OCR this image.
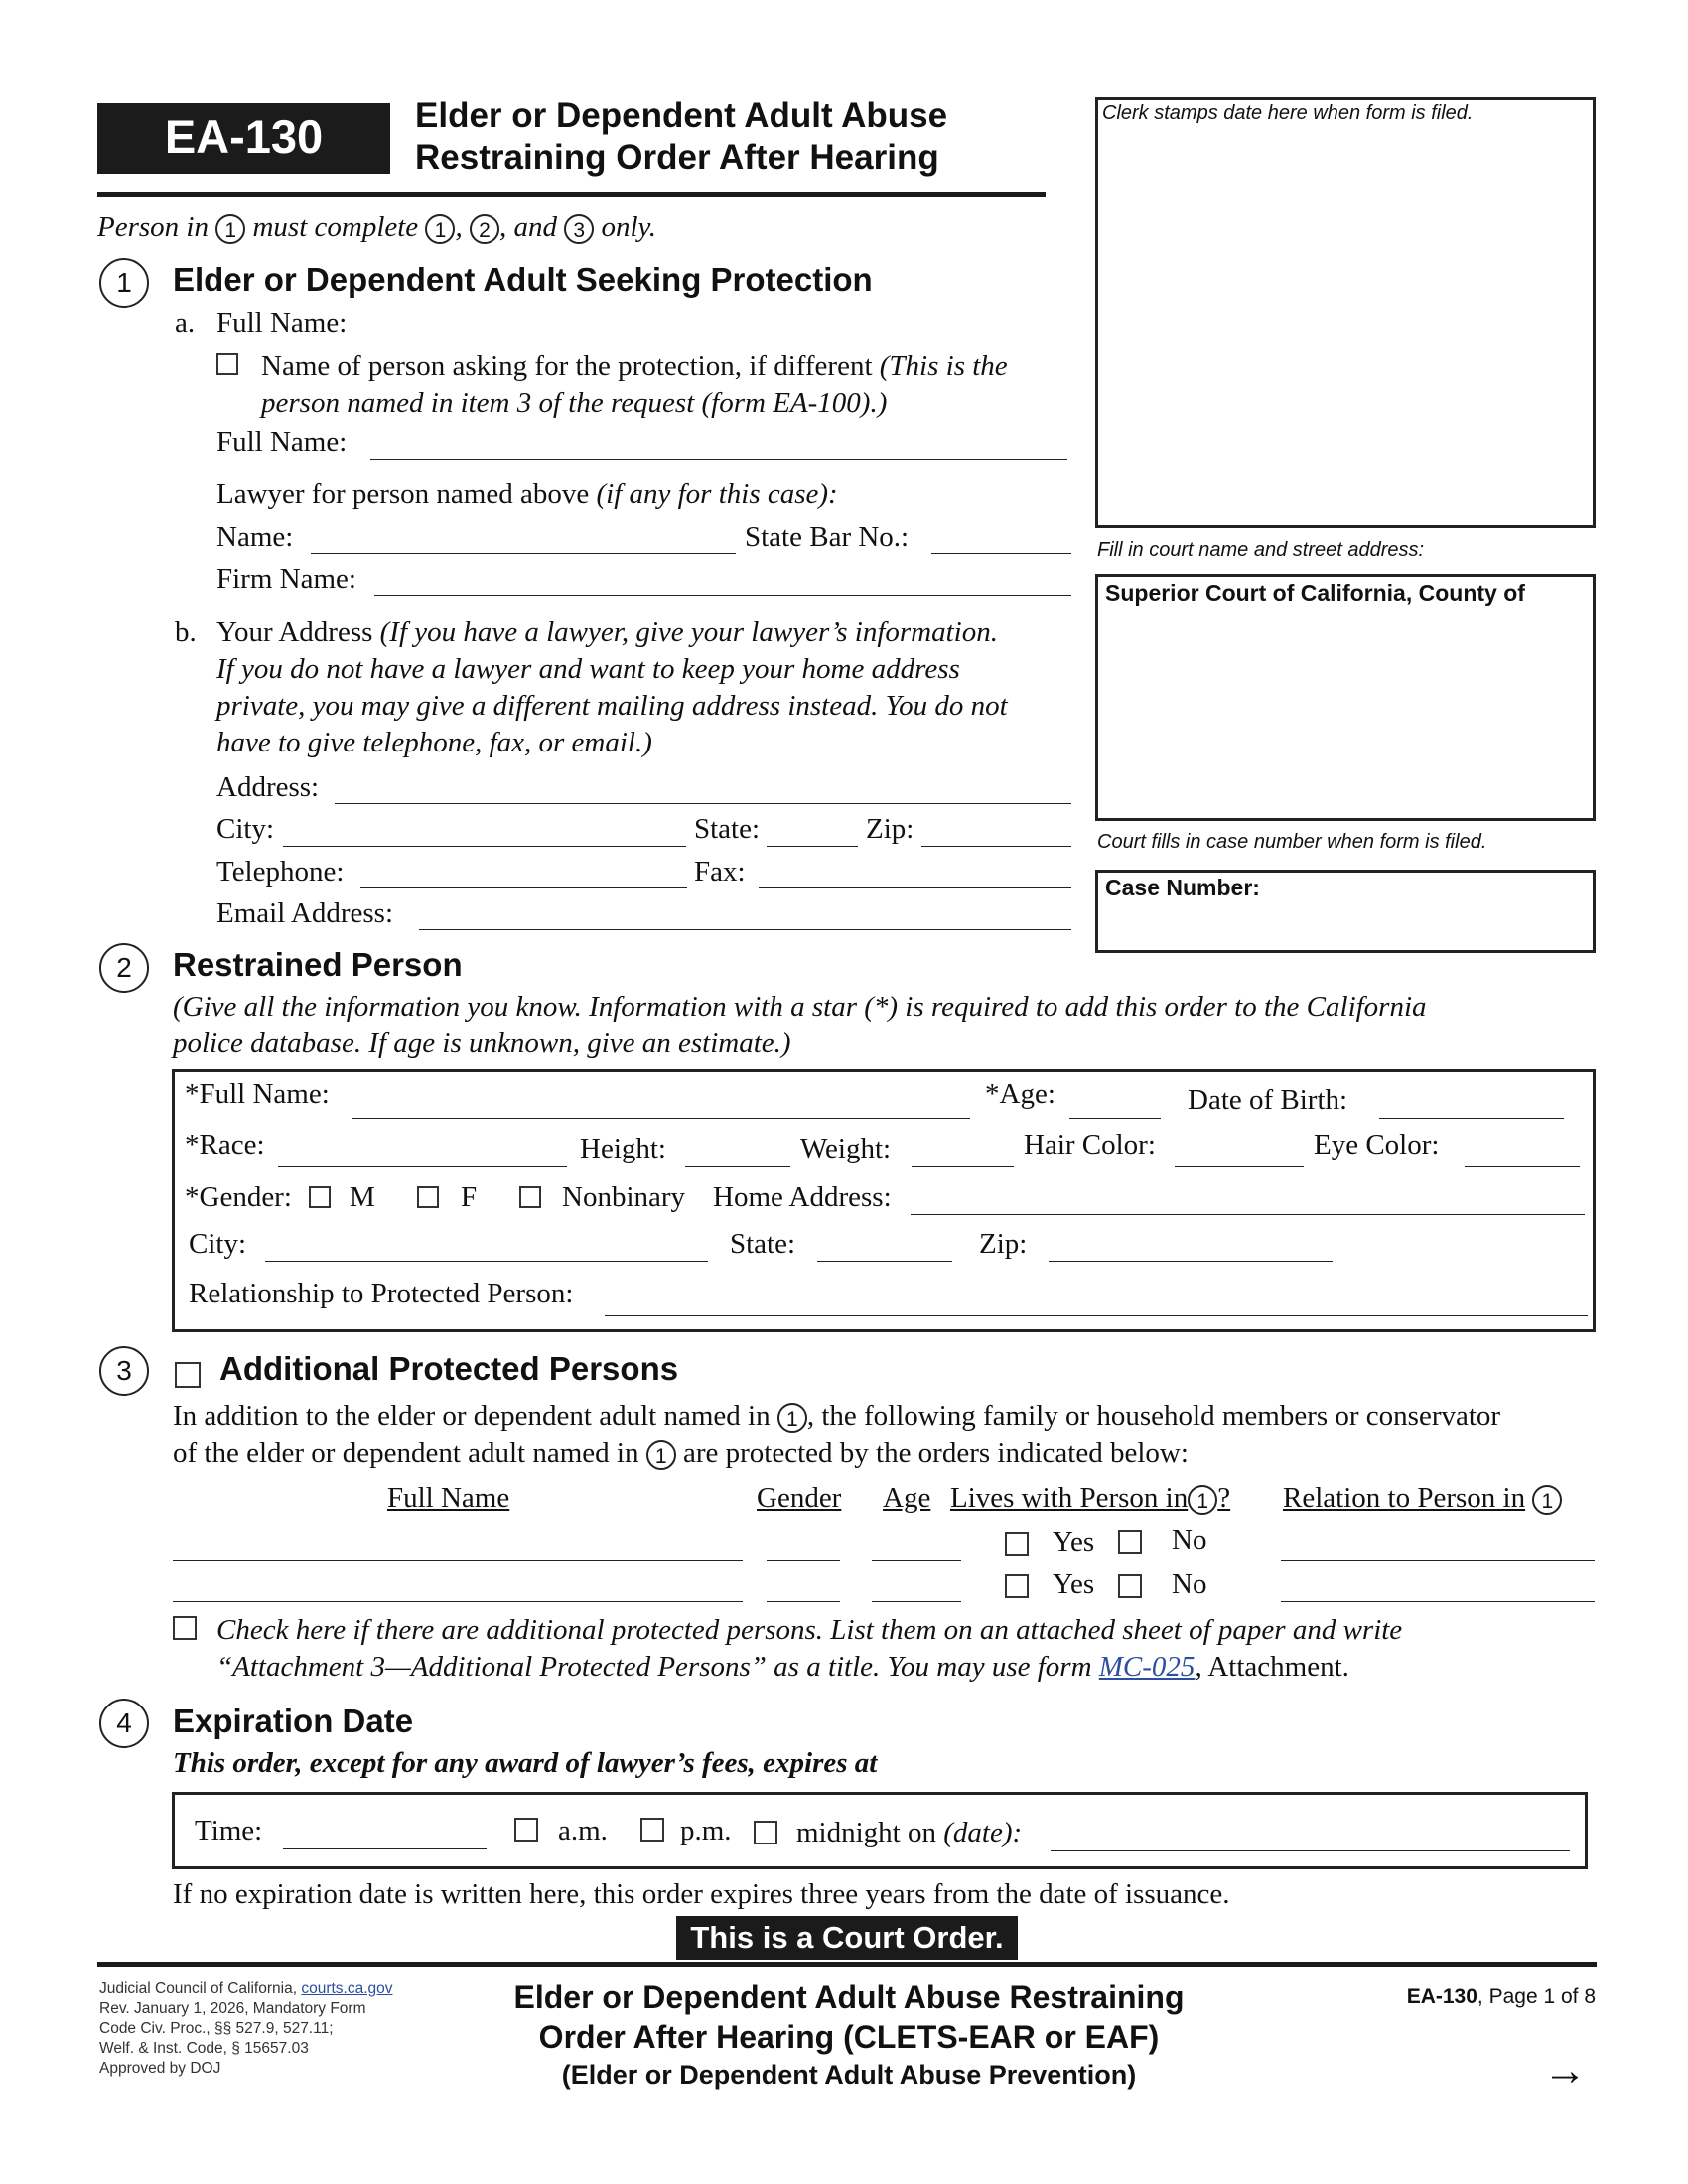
EA-130	Elder or Dependent Adult Abuse
Restraining Order After Hearing
Person in 1 must complete 1 , 2 , and 3 only.
Clerk stamps date here when form is filed.
Fill in court name and street address:
Superior Court of California, County of
Court fills in case number when form is filed.
Case Number:
1	Elder or Dependent Adult Seeking Protection
a. Full Name:
Name of person asking for the protection, if different (This is the
person named in item 3 of the request (form EA-100).)
Full Name:
Lawyer for person named above (if any for this case):
Name:	State Bar No.:
Firm Name:
b. Your Address (If you have a lawyer, give your lawyer’s information.
If you do not have a lawyer and want to keep your home address
private, you may give a different mailing address instead. You do not
have to give telephone, fax, or email.)
Address:
City:	State:	Zip:
Telephone:	Fax:
Email Address:
2	Restrained Person
(Give all the information you know. Information with a star (*) is required to add this order to the California
police database. If age is unknown, give an estimate.)
*Full Name:	*Age:	Date of Birth:
*Race:	Height:	Weight:	Hair Color:	Eye Color:
*Gender: M	F	Nonbinary Home Address:
City:	State:	Zip:
Relationship to Protected Person:
3	Additional Protected Persons
In addition to the elder or dependent adult named in 1 , the following family or household members or conservator
of the elder or dependent adult named in 1 are protected by the orders indicated below:
Full Name	Gender Age Lives with Person in 1 ? Relation to Person in 1
Yes	No
Yes	No
Check here if there are additional protected persons. List them on an attached sheet of paper and write
“Attachment 3—Additional Protected Persons” as a title. You may use form MC-025, Attachment.
4	Expiration Date
This order, except for any award of lawyer’s fees, expires at
Time:	a.m.	p.m. midnight on (date):
If no expiration date is written here, this order expires three years from the date of issuance.
This is a Court Order.
Judicial Council of California, courts.ca.gov
Rev. January 1, 2026, Mandatory Form
Code Civ. Proc., §§ 527.9, 527.11;
Welf. & Inst. Code, § 15657.03
Approved by DOJ
Elder or Dependent Adult Abuse Restraining
Order After Hearing (CLETS-EAR or EAF)
(Elder or Dependent Adult Abuse Prevention)
EA-130, Page 1 of 8
→
